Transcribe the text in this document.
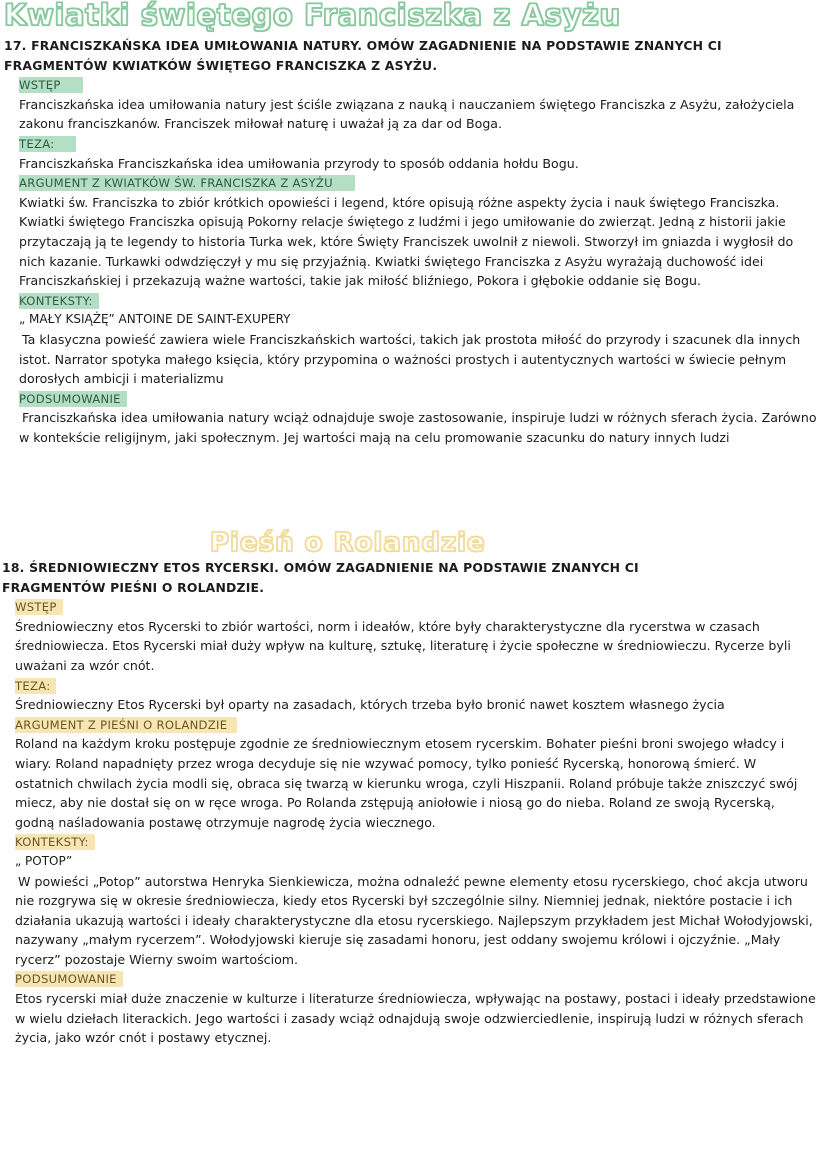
Kwiatki świętego Franciszka z Asyżu
17. FRANCISZKAŃSKA IDEA UMIŁOWANIA NATURY. OMÓW ZAGADNIENIE NA PODSTAWIE ZNANYCH CI
FRAGMENTÓW KWIATKÓW ŚWIĘTEGO FRANCISZKA Z ASYŻU.
WSTĘP

Franciszkańska idea umiłowania natury jest ściśle związana z nauką i nauczaniem świętego Franciszka z Asyżu, założyciela zakonu franciszkanów. Franciszek miłował naturę i uważał ją za dar od Boga.

TEZA:

Franciszkańska Franciszkańska idea umiłowania przyrody to sposób oddania hołdu Bogu.

ARGUMENT Z KWIATKÓW ŚW. FRANCISZKA Z ASYŻU

Kwiatki św. Franciszka to zbiór krótkich opowieści i legend, które opisują różne aspekty życia i nauk świętego Franciszka. Kwiatki świętego Franciszka opisują Pokorny relacje świętego z ludźmi i jego umiłowanie do zwierząt. Jedną z historii jakie przytaczają ją te legendy to historia Turka wek, które Święty Franciszek uwolnił z niewoli. Stworzył im gniazda i wygłosił do nich kazanie. Turkawki odwdzięczył y mu się przyjaźnią. Kwiatki świętego Franciszka z Asyżu wyrażają duchowość idei Franciszkańskiej i przekazują ważne wartości, takie jak miłość bliźniego, Pokora i głębokie oddanie się Bogu.

KONTEKSTY:
„ MAŁY KSIĄŻĘ” ANTOINE DE SAINT-EXUPERY

Ta klasyczna powieść zawiera wiele Franciszkańskich wartości, takich jak prostota miłość do przyrody i szacunek dla innych istot. Narrator spotyka małego księcia, który przypomina o ważności prostych i autentycznych wartości w świecie pełnym dorosłych ambicji i materializmu

PODSUMOWANIE

Franciszkańska idea umiłowania natury wciąż odnajduje swoje zastosowanie, inspiruje ludzi w różnych sferach życia. Zarówno w kontekście religijnym, jaki społecznym. Jej wartości mają na celu promowanie szacunku do natury innych ludzi

Pieśń o Rolandzie
18. ŚREDNIOWIECZNY ETOS RYCERSKI. OMÓW ZAGADNIENIE NA PODSTAWIE ZNANYCH CI
FRAGMENTÓW PIEŚNI O ROLANDZIE.
WSTĘP

Średniowieczny etos Rycerski to zbiór wartości, norm i ideałów, które były charakterystyczne dla rycerstwa w czasach średniowiecza. Etos Rycerski miał duży wpływ na kulturę, sztukę, literaturę i życie społeczne w średniowieczu. Rycerze byli uważani za wzór cnót.

TEZA:

Średniowieczny Etos Rycerski był oparty na zasadach, których trzeba było bronić nawet kosztem własnego życia

ARGUMENT Z PIEŚNI O ROLANDZIE

Roland na każdym kroku postępuje zgodnie ze średniowiecznym etosem rycerskim. Bohater pieśni broni swojego władcy i wiary. Roland napadnięty przez wroga decyduje się nie wzywać pomocy, tylko ponieść Rycerską, honorową śmierć. W ostatnich chwilach życia modli się, obraca się twarzą w kierunku wroga, czyli Hiszpanii. Roland próbuje także zniszczyć swój miecz, aby nie dostał się on w ręce wroga. Po Rolanda zstępują aniołowie i niosą go do nieba. Roland ze swoją Rycerską, godną naśladowania postawę otrzymuje nagrodę życia wiecznego.

KONTEKSTY:
„ POTOP”

W powieści „Potop” autorstwa Henryka Sienkiewicza, można odnaleźć pewne elementy etosu rycerskiego, choć akcja utworu nie rozgrywa się w okresie średniowiecza, kiedy etos Rycerski był szczególnie silny. Niemniej jednak, niektóre postacie i ich działania ukazują wartości i ideały charakterystyczne dla etosu rycerskiego. Najlepszym przykładem jest Michał Wołodyjowski, nazywany „małym rycerzem”. Wołodyjowski kieruje się zasadami honoru, jest oddany swojemu królowi i ojczyźnie. „Mały rycerz” pozostaje Wierny swoim wartościom.

PODSUMOWANIE

Etos rycerski miał duże znaczenie w kulturze i literaturze średniowiecza, wpływając na postawy, postaci i ideały przedstawione w wielu dziełach literackich. Jego wartości i zasady wciąż odnajdują swoje odzwierciedlenie, inspirują ludzi w różnych sferach życia, jako wzór cnót i postawy etycznej.
